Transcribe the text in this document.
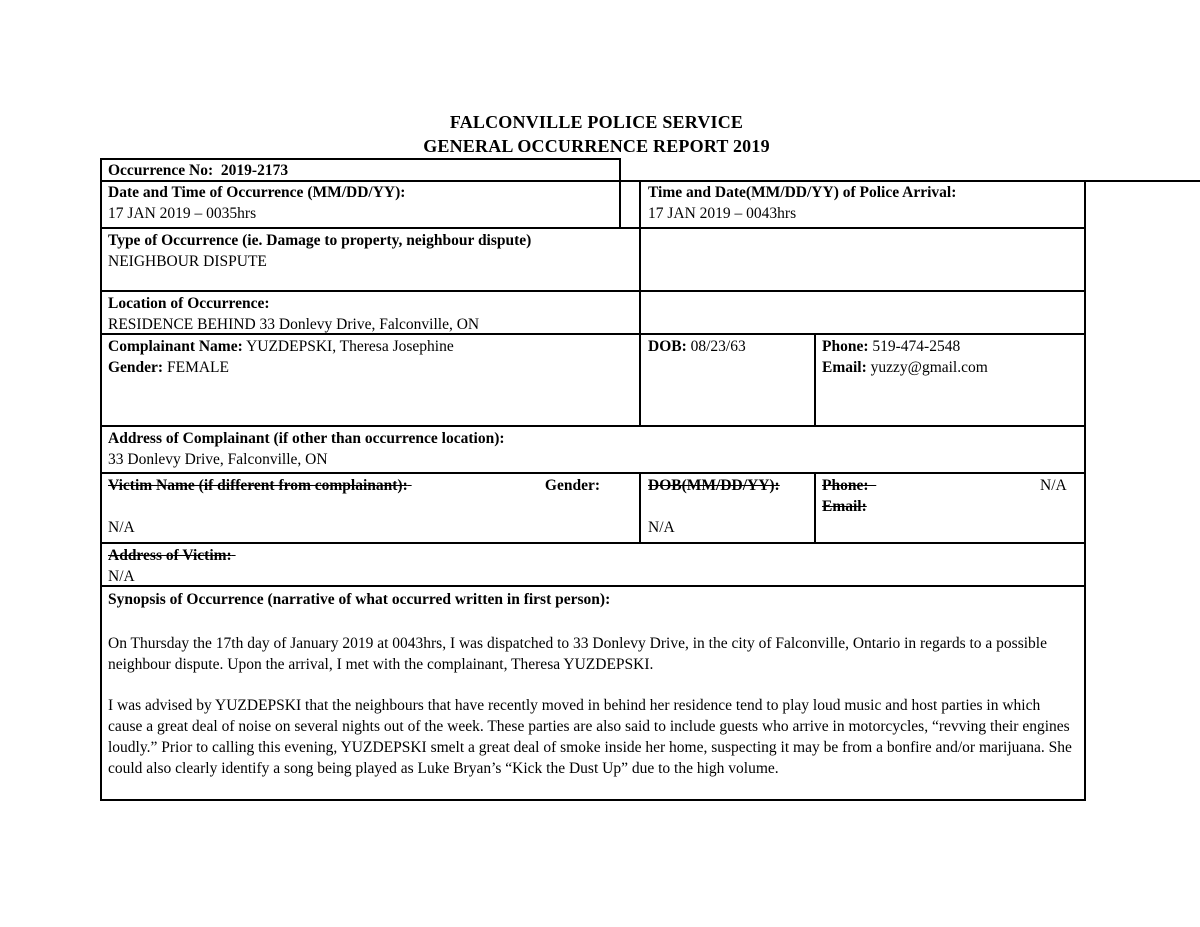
FALCONVILLE POLICE SERVICE
GENERAL OCCURRENCE REPORT 2019
Occurrence No: 2019-2173
Date and Time of Occurrence (MM/DD/YY):
17 JAN 2019 – 0035hrs
Time and Date(MM/DD/YY) of Police Arrival:
17 JAN 2019 – 0043hrs
Type of Occurrence (ie. Damage to property, neighbour dispute)
NEIGHBOUR DISPUTE
Location of Occurrence:
RESIDENCE BEHIND 33 Donlevy Drive, Falconville, ON
Complainant Name: YUZDEPSKI, Theresa Josephine
Gender: FEMALE
DOB: 08/23/63	Phone: 519-474-2548
Email: yuzzy@gmail.com
Address of Complainant (if other than occurrence location):
33 Donlevy Drive, Falconville, ON
Victim Name (if different from complainant):	Gender:
N/A
DOB(MM/DD/YY):
N/A
Phone:	N/A
Email:
Address of Victim:
N/A
Synopsis of Occurrence (narrative of what occurred written in first person):
On Thursday the 17th day of January 2019 at 0043hrs, I was dispatched to 33 Donlevy Drive, in the city of Falconville, Ontario in regards to a possible neighbour dispute. Upon the arrival, I met with the complainant, Theresa YUZDEPSKI.
I was advised by YUZDEPSKI that the neighbours that have recently moved in behind her residence tend to play loud music and host parties in which cause a great deal of noise on several nights out of the week. These parties are also said to include guests who arrive in motorcycles, “revving their engines loudly.” Prior to calling this evening, YUZDEPSKI smelt a great deal of smoke inside her home, suspecting it may be from a bonfire and/or marijuana. She could also clearly identify a song being played as Luke Bryan’s “Kick the Dust Up” due to the high volume.
